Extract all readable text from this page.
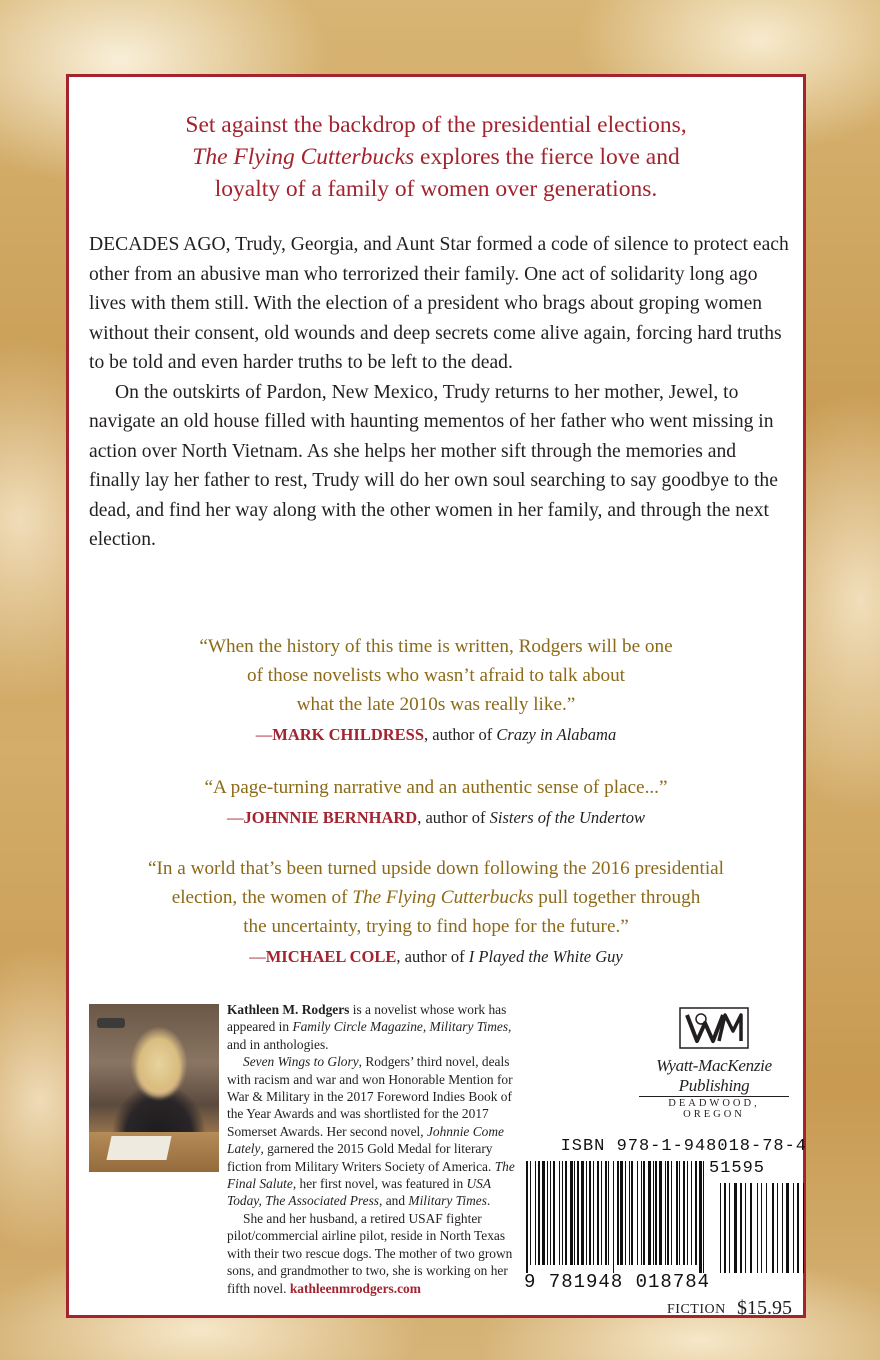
Set against the backdrop of the presidential elections,
The Flying Cutterbucks explores the fierce love and
loyalty of a family of women over generations.

DECADES AGO, Trudy, Georgia, and Aunt Star formed a code of silence to protect each other from an abusive man who terrorized their family. One act of solidarity long ago lives with them still. With the election of a president who brags about groping women without their consent, old wounds and deep secrets come alive again, forcing hard truths to be told and even harder truths to be left to the dead.

On the outskirts of Pardon, New Mexico, Trudy returns to her mother, Jewel, to navigate an old house filled with haunting mementos of her father who went missing in action over North Vietnam. As she helps her mother sift through the memories and finally lay her father to rest, Trudy will do her own soul searching to say goodbye to the dead, and find her way along with the other women in her family, and through the next election.

“When the history of this time is written, Rodgers will be one
of those novelists who wasn’t afraid to talk about
what the late 2010s was really like.”
—MARK CHILDRESS, author of Crazy in Alabama
“A page-turning narrative and an authentic sense of place...”
—JOHNNIE BERNHARD, author of Sisters of the Undertow
“In a world that’s been turned upside down following the 2016 presidential
election, the women of The Flying Cutterbucks pull together through
the uncertainty, trying to find hope for the future.”
—MICHAEL COLE, author of I Played the White Guy

Kathleen M. Rodgers is a novelist whose work has appeared in Family Circle Magazine, Military Times, and in anthologies.

Seven Wings to Glory, Rodgers’ third novel, deals with racism and war and won Honorable Mention for War & Military in the 2017 Foreword Indies Book of the Year Awards and was shortlisted for the 2017 Somerset Awards. Her second novel, Johnnie Come Lately, garnered the 2015 Gold Medal for literary fiction from Military Writers Society of America. The Final Salute, her first novel, was featured in USA Today, The Associated Press, and Military Times.

She and her husband, a retired USAF fighter pilot/commercial airline pilot, reside in North Texas with their two rescue dogs. The mother of two grown sons, and grandmother to two, she is working on her fifth novel. kathleenmrodgers.com

Wyatt-MacKenzie Publishing
DEADWOOD, OREGON
ISBN 978-1-948018-78-4
51595
9 781948 018784
FICTION $15.95
